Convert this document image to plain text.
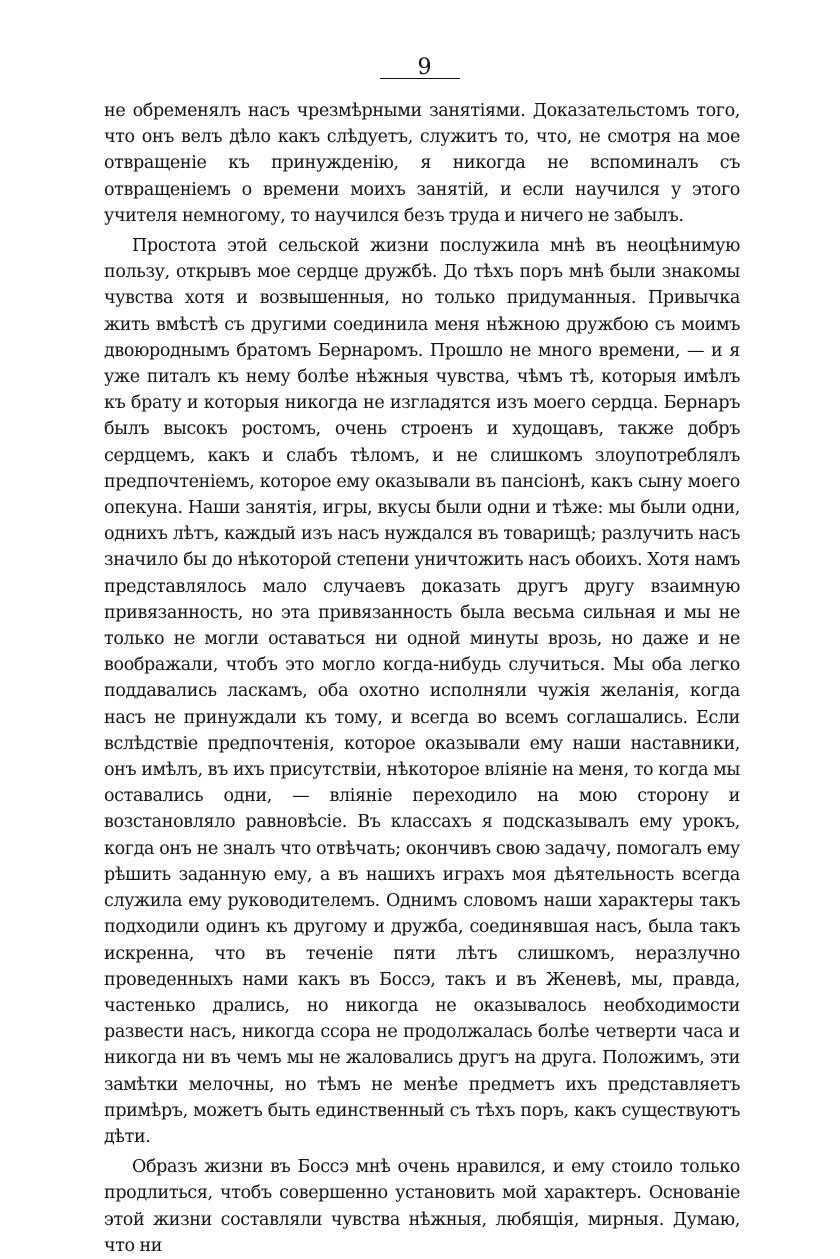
9

не обременялъ насъ чрезмѣрными занятіями. Доказательстомъ того, что онъ велъ дѣло какъ слѣдуетъ, служитъ то, что, не смотря на мое отвращеніе къ принужденію, я никогда не вспоминалъ съ отвращеніемъ о времени моихъ занятій, и если научился у этого учителя немногому, то научился безъ труда и ничего не забылъ.

Простота этой сельской жизни послужила мнѣ въ неоцѣнимую пользу, открывъ мое сердце дружбѣ. До тѣхъ поръ мнѣ были знакомы чувства хотя и возвышенныя, но только придуманныя. Привычка жить вмѣстѣ съ другими соединила меня нѣжною дружбою съ моимъ двоюроднымъ братомъ Бернаромъ. Прошло не много времени, — и я уже питалъ къ нему болѣе нѣжныя чувства, чѣмъ тѣ, которыя имѣлъ къ брату и которыя никогда не изгладятся изъ моего сердца. Бернаръ былъ высокъ ростомъ, очень строенъ и худощавъ, также добръ сердцемъ, какъ и слабъ тѣломъ, и не слишкомъ злоупотреблялъ предпочтеніемъ, которое ему оказывали въ пансіонѣ, какъ сыну моего опекуна. Наши занятія, игры, вкусы были одни и тѣже: мы были одни, однихъ лѣтъ, каждый изъ насъ нуждался въ товарищѣ; разлучить насъ значило бы до нѣкоторой степени уничтожить насъ обоихъ. Хотя намъ представлялось мало случаевъ доказать другъ другу взаимную привязанность, но эта привязанность была весьма сильная и мы не только не могли оставаться ни одной минуты врозь, но даже и не воображали, чтобъ это могло когда-нибудь случиться. Мы оба легко поддавались ласкамъ, оба охотно исполняли чужія желанія, когда насъ не принуждали къ тому, и всегда во всемъ соглашались. Если вслѣдствіе предпочтенія, которое оказывали ему наши наставники, онъ имѣлъ, въ ихъ присутствіи, нѣкоторое вліяніе на меня, то когда мы оставались одни, — вліяніе переходило на мою сторону и возстановляло равновѣсіе. Въ классахъ я подсказывалъ ему урокъ, когда онъ не зналъ что отвѣчать; окончивъ свою задачу, помогалъ ему рѣшить заданную ему, а въ нашихъ играхъ моя дѣятельность всегда служила ему руководителемъ. Однимъ словомъ наши характеры такъ подходили одинъ къ другому и дружба, соединявшая насъ, была такъ искренна, что въ теченіе пяти лѣтъ слишкомъ, неразлучно проведенныхъ нами какъ въ Боссэ, такъ и въ Женевѣ, мы, правда, частенько дрались, но никогда не оказывалось необходимости развести насъ, никогда ссора не продолжалась болѣе четверти часа и никогда ни въ чемъ мы не жаловались другъ на друга. Положимъ, эти замѣтки мелочны, но тѣмъ не менѣе предметъ ихъ представляетъ примѣръ, можетъ быть единственный съ тѣхъ поръ, какъ существуютъ дѣти.

Образъ жизни въ Боссэ мнѣ очень нравился, и ему стоило только продлиться, чтобъ совершенно установить мой характеръ. Основаніе этой жизни составляли чувства нѣжныя, любящія, мирныя. Думаю, что ни
